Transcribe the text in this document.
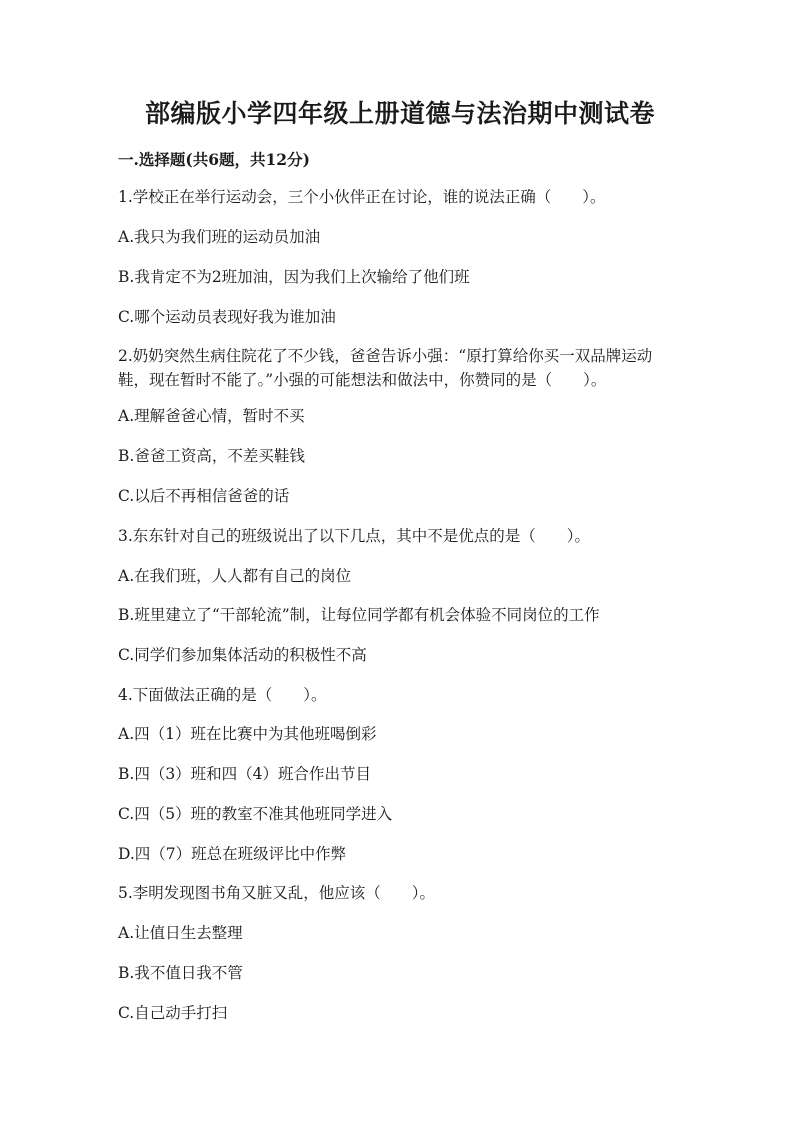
部编版小学四年级上册道德与法治期中测试卷
一.选择题(共6题，共12分)

1.学校正在举行运动会，三个小伙伴正在讨论，谁的说法正确（　　）。

A.我只为我们班的运动员加油

B.我肯定不为2班加油，因为我们上次输给了他们班

C.哪个运动员表现好我为谁加油

2.奶奶突然生病住院花了不少钱，爸爸告诉小强：“原打算给你买一双品牌运动

鞋，现在暂时不能了。”小强的可能想法和做法中，你赞同的是（　　）。

A.理解爸爸心情，暂时不买

B.爸爸工资高，不差买鞋钱

C.以后不再相信爸爸的话

3.东东针对自己的班级说出了以下几点，其中不是优点的是（　　）。

A.在我们班，人人都有自己的岗位

B.班里建立了“干部轮流”制，让每位同学都有机会体验不同岗位的工作

C.同学们参加集体活动的积极性不高

4.下面做法正确的是（　　）。

A.四（1）班在比赛中为其他班喝倒彩

B.四（3）班和四（4）班合作出节目

C.四（5）班的教室不准其他班同学进入

D.四（7）班总在班级评比中作弊

5.李明发现图书角又脏又乱，他应该（　　）。

A.让值日生去整理

B.我不值日我不管

C.自己动手打扫
